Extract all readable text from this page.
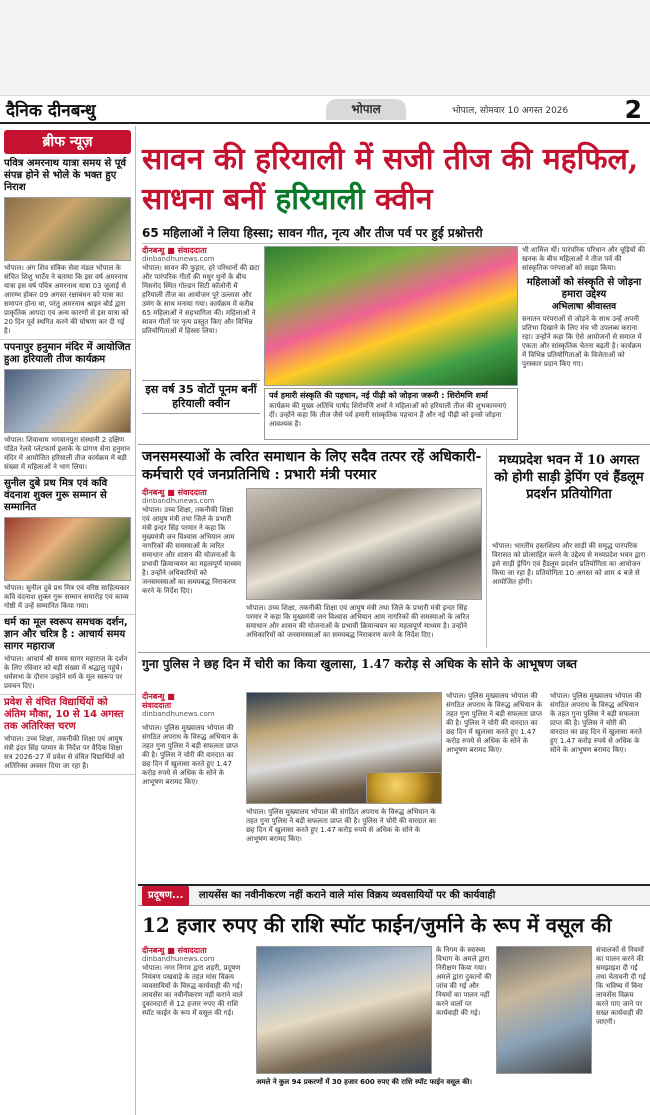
दैनिक दीनबन्धु	भोपाल	भोपाल, सोमवार 10 अगस्त 2026 2
ब्रीफ न्यूज़
पवित्र अमरनाथ यात्रा समय से पूर्व संपन्न होने से भोले के भक्त हुए निराश
भोपाल। अंग शिव संत्रिक सेवा मंडल भोपाल के संचित शिशु भार्टेव ने बताया कि इस वर्ष अमरनाथ यात्रा इस वर्ष पवित्र अमरनाथ यात्रा 03 जुलाई से आरम्भ होकर 09 अगस्त रक्षाबंधन को यात्रा का समापन होना था, परंतु अमरनाथ श्राइन बोर्ड द्वारा प्राकृतिक आपदा एवं अन्य कारणों से इस यात्रा को 20 दिन पूर्व स्थगित करने की घोषणा कर दी गई है।
पपनापुर हनुमान मंदिर में आयोजित हुआ हरियाली तीज कार्यक्रम
भोपाल। शिवाधाम भगवानपुरा संस्थानी 2 दक्षिण पंडित रेलवे प्लेटफार्म इलाके के प्रांगण सेना हनुमान मंदिर में आयोजित हरियाली तीज कार्यक्रम में बड़ी संख्या में महिलाओं ने भाग लिया।
सुनील दुबे प्रथ मित्र एवं कवि वंदनाश शुक्ल गुरू सम्मान से सम्मानित
भोपाल। सुनील दुबे प्रथ मित्र एवं वरिष्ठ साहित्यकार कवि वंदनाश शुक्ल गुरू सम्मान समारोह एवं काव्य गोष्ठी में उन्हें सम्मानित किया गया।
धर्म का मूल स्वरूप समचक दर्शन, ज्ञान और चरित्र है : आचार्य समय सागर महाराज
भोपाल। आचार्य श्री समय सागर महाराज के दर्शन के लिए रविवार को बड़ी संख्या में श्रद्धालु पहुंचे। धर्मसभा के दौरान उन्होंने धर्म के मूल स्वरूप पर प्रवचन दिए।
प्रवेश से वंचित विद्यार्थियों को अंतिम मौका, 10 से 14 अगस्त तक अतिरिक्त चरण
भोपाल। उच्च शिक्षा, तकनीकी शिक्षा एवं आयुष मंत्री इंदर सिंह परमार के निर्देश पर वैदिक शिक्षा सत्र 2026-27 में प्रवेश से वंचित विद्यार्थियों को अतिरिक्त अवसर दिया जा रहा है।
सावन की हरियाली में सजी तीज की महफिल, साधना बनीं हरियाली क्वीन
65 महिलाओं ने लिया हिस्सा; सावन गीत, नृत्य और तीज पर्व पर हुई प्रश्नोत्तरी
दीनबन्धु ■ संवाददाता
dinbandhunews.com
भोपाल। सावन की फुहार, हरे परिधानों की छटा और पारंपरिक गीतों की मधुर धुनों के बीच मिसरोद स्थित गोल्डन सिटी कॉलोनी में हरियाली तीज का आयोजन पूरे उल्लास और उमंग के साथ मनाया गया। कार्यक्रम में करीब 65 महिलाओं ने सहभागिता की। महिलाओं ने सावन गीतों पर नृत्य प्रस्तुत किए और विभिन्न प्रतियोगिताओं में हिस्सा लिया।
इस वर्ष 35 वोटों पूनम बनीं हरियाली क्वीन
भी शामिल थीं। पारंपरिक परिधान और चूड़ियों की खनक के बीच महिलाओं ने तीज पर्व की सांस्कृतिक परंपराओं को साझा किया।
महिलाओं को संस्कृति से जोड़ना हमारा उद्देश्य
अभिलाषा श्रीवास्तव
सनातन परंपराओं से जोड़ने के साथ उन्हें अपनी प्रतिभा दिखाने के लिए मंच भी उपलब्ध कराना रहा। उन्होंने कहा कि ऐसे आयोजनों से समाज में एकता और सांस्कृतिक चेतना बढ़ती है। कार्यक्रम में विभिन्न प्रतियोगिताओं के विजेताओं को पुरस्कार प्रदान किए गए।
पर्व हमारी संस्कृति की पहचान, नई पीढ़ी को जोड़ना जरूरी : शिरोमणि शर्मा
कार्यक्रम की मुख्य अतिथि पार्षद शिरोमणि शर्मा ने महिलाओं को हरियाली तीज की शुभकामनाएं दीं। उन्होंने कहा कि तीज जैसे पर्व हमारी सांस्कृतिक पहचान हैं और नई पीढ़ी को इनसे जोड़ना आवश्यक है।
जनसमस्याओं के त्वरित समाधान के लिए सदैव तत्पर रहें अधिकारी-कर्मचारी एवं जनप्रतिनिधि : प्रभारी मंत्री परमार
दीनबन्धु ■ संवाददाता
dinbandhunews.com
भोपाल। उच्च शिक्षा, तकनीकी शिक्षा एवं आयुष मंत्री तथा जिले के प्रभारी मंत्री इन्दर सिंह परमार ने कहा कि मुख्यमंत्री जन विश्वास अभियान आम नागरिकों की समस्याओं के त्वरित समाधान और शासन की योजनाओं के प्रभावी क्रियान्वयन का महत्वपूर्ण माध्यम है। उन्होंने अधिकारियों को जनसमस्याओं का समयबद्ध निराकरण करने के निर्देश दिए।
भोपाल। उच्च शिक्षा, तकनीकी शिक्षा एवं आयुष मंत्री तथा जिले के प्रभारी मंत्री इन्दर सिंह परमार ने कहा कि मुख्यमंत्री जन विश्वास अभियान आम नागरिकों की समस्याओं के त्वरित समाधान और शासन की योजनाओं के प्रभावी क्रियान्वयन का महत्वपूर्ण माध्यम है। उन्होंने अधिकारियों को जनसमस्याओं का समयबद्ध निराकरण करने के निर्देश दिए।
मध्यप्रदेश भवन में 10 अगस्त को होगी साड़ी ड्रेपिंग एवं हैंडलूम प्रदर्शन प्रतियोगिता
भोपाल। भारतीय हस्तशिल्प और साड़ी की समृद्ध पारंपरिक विरासत को प्रोत्साहित करने के उद्देश्य से मध्यप्रदेश भवन द्वारा इसे साड़ी ड्रेपिंग एवं हैंडलूम प्रदर्शन प्रतियोगिता का आयोजन किया जा रहा है। प्रतियोगिता 10 अगस्त को शाम 4 बजे से आयोजित होगी।
गुना पुलिस ने छह दिन में चोरी का किया खुलासा, 1.47 करोड़ से अधिक के सोने के आभूषण जब्त
दीनबन्धु ■ संवाददाता
dinbandhunews.com
भोपाल। पुलिस मुख्यालय भोपाल की संगठित अपराध के विरुद्ध अभियान के तहत गुना पुलिस ने बड़ी सफलता प्राप्त की है। पुलिस ने चोरी की वारदात का छह दिन में खुलासा करते हुए 1.47 करोड़ रुपये से अधिक के सोने के आभूषण बरामद किए।
भोपाल। पुलिस मुख्यालय भोपाल की संगठित अपराध के विरुद्ध अभियान के तहत गुना पुलिस ने बड़ी सफलता प्राप्त की है। पुलिस ने चोरी की वारदात का छह दिन में खुलासा करते हुए 1.47 करोड़ रुपये से अधिक के सोने के आभूषण बरामद किए।
भोपाल। पुलिस मुख्यालय भोपाल की संगठित अपराध के विरुद्ध अभियान के तहत गुना पुलिस ने बड़ी सफलता प्राप्त की है। पुलिस ने चोरी की वारदात का छह दिन में खुलासा करते हुए 1.47 करोड़ रुपये से अधिक के सोने के आभूषण बरामद किए।
भोपाल। पुलिस मुख्यालय भोपाल की संगठित अपराध के विरुद्ध अभियान के तहत गुना पुलिस ने बड़ी सफलता प्राप्त की है। पुलिस ने चोरी की वारदात का छह दिन में खुलासा करते हुए 1.47 करोड़ रुपये से अधिक के सोने के आभूषण बरामद किए।
प्रदूषण... लायसेंस का नवीनीकरण नहीं कराने वाले मांस विक्रय व्यवसायियों पर की कार्यवाही
12 हजार रुपए की राशि स्पॉट फाईन/जुर्माने के रूप में वसूल की
दीनबन्धु ■ संवाददाता
dinbandhunews.com
भोपाल। नगर निगम द्वारा शहरी, प्रदूषण नियंत्रण पखवाड़े के तहत मांस विक्रय व्यवसायियों के विरुद्ध कार्यवाही की गई। लायसेंस का नवीनीकरण नहीं कराने वाले दुकानदारों से 12 हजार रुपए की राशि स्पॉट फाईन के रूप में वसूल की गई।
के निगम के स्वास्थ्य विभाग के अमले द्वारा निरीक्षण किया गया। अमले द्वारा दुकानों की जांच की गई और नियमों का पालन नहीं करने वालों पर कार्यवाही की गई।
संचालकों से नियमों का पालन करने की समझाइश दी गई तथा चेतावनी दी गई कि भविष्य में बिना लायसेंस विक्रय करते पाए जाने पर सख्त कार्यवाही की जाएगी।
अमले ने कुल 94 प्रकरणों में 30 हजार 600 रुपए की राशि स्पॉट फाईन वसूल की।
